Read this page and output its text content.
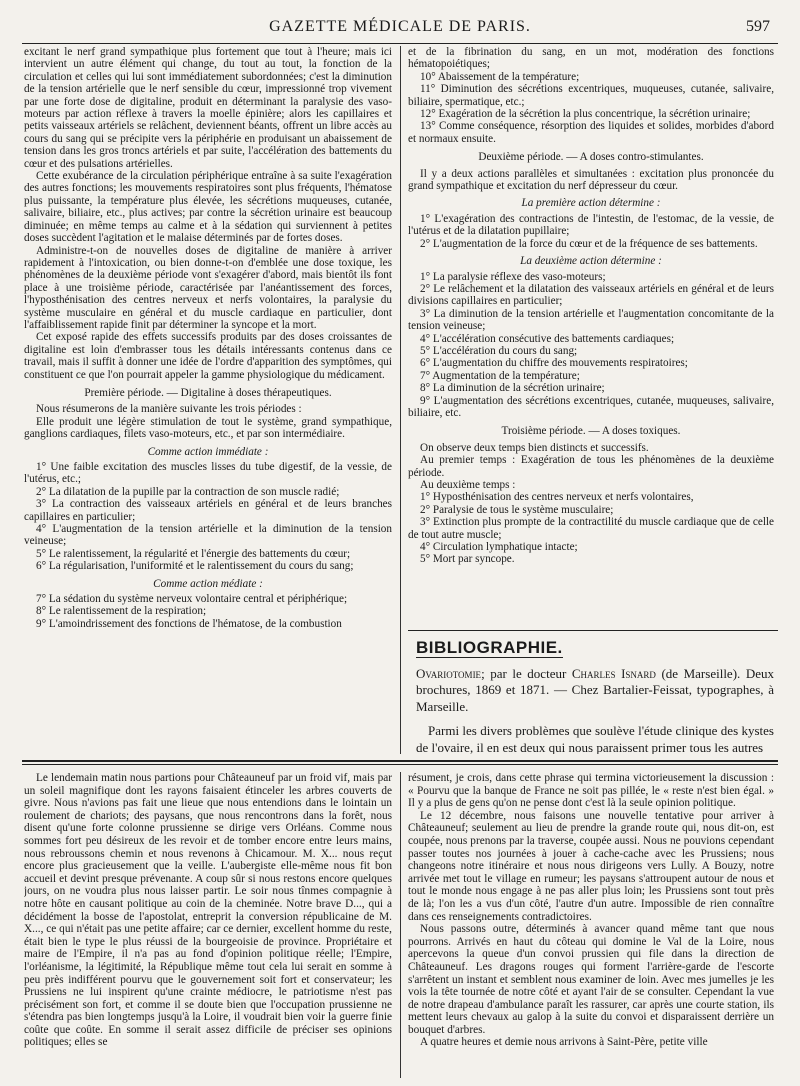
GAZETTE MÉDICALE DE PARIS.	597

excitant le nerf grand sympathique plus fortement que tout à l'heure; mais ici intervient un autre élément qui change, du tout au tout, la fonction de la circulation et celles qui lui sont immédiatement subordonnées; c'est la diminution de la tension artérielle que le nerf sensible du cœur, impressionné trop vivement par une forte dose de digitaline, produit en déterminant la paralysie des vaso-moteurs par action réflexe à travers la moelle épinière; alors les capillaires et petits vaisseaux artériels se relâchent, deviennent béants, offrent un libre accès au cours du sang qui se précipite vers la périphérie en produisant un abaissement de tension dans les gros troncs artériels et par suite, l'accélération des battements du cœur et des pulsations artérielles.

Cette exubérance de la circulation périphérique entraîne à sa suite l'exagération des autres fonctions; les mouvements respiratoires sont plus fréquents, l'hématose plus puissante, la température plus élevée, les sécrétions muqueuses, cutanée, salivaire, biliaire, etc., plus actives; par contre la sécrétion urinaire est beaucoup diminuée; en même temps au calme et à la sédation qui surviennent à petites doses succèdent l'agitation et le malaise déterminés par de fortes doses.

Administre-t-on de nouvelles doses de digitaline de manière à arriver rapidement à l'intoxication, ou bien donne-t-on d'emblée une dose toxique, les phénomènes de la deuxième période vont s'exagérer d'abord, mais bientôt ils font place à une troisième période, caractérisée par l'anéantissement des forces, l'hyposthénisation des centres nerveux et nerfs volontaires, la paralysie du système musculaire en général et du muscle cardiaque en particulier, dont l'affaiblissement rapide finit par déterminer la syncope et la mort.

Cet exposé rapide des effets successifs produits par des doses croissantes de digitaline est loin d'embrasser tous les détails intéressants contenus dans ce travail, mais il suffit à donner une idée de l'ordre d'apparition des symptômes, qui constituent ce que l'on pourrait appeler la gamme physiologique du médicament.

Première période. — Digitaline à doses thérapeutiques.

Nous résumerons de la manière suivante les trois périodes :

Elle produit une légère stimulation de tout le système, grand sympathique, ganglions cardiaques, filets vaso-moteurs, etc., et par son intermédiaire.

Comme action immédiate :

1° Une faible excitation des muscles lisses du tube digestif, de la vessie, de l'utérus, etc.;

2° La dilatation de la pupille par la contraction de son muscle radié;

3° La contraction des vaisseaux artériels en général et de leurs branches capillaires en particulier;

4° L'augmentation de la tension artérielle et la diminution de la tension veineuse;

5° Le ralentissement, la régularité et l'énergie des battements du cœur;

6° La régularisation, l'uniformité et le ralentissement du cours du sang;

Comme action médiate :

7° La sédation du système nerveux volontaire central et périphérique;

8° Le ralentissement de la respiration;

9° L'amoindrissement des fonctions de l'hématose, de la combustion

et de la fibrination du sang, en un mot, modération des fonctions hématopoiétiques;

10° Abaissement de la température;

11° Diminution des sécrétions excentriques, muqueuses, cutanée, salivaire, biliaire, spermatique, etc.;

12° Exagération de la sécrétion la plus concentrique, la sécrétion urinaire;

13° Comme conséquence, résorption des liquides et solides, morbides d'abord et normaux ensuite.

Deuxième période. — A doses contro-stimulantes.

Il y a deux actions parallèles et simultanées : excitation plus prononcée du grand sympathique et excitation du nerf dépresseur du cœur.

La première action détermine :

1° L'exagération des contractions de l'intestin, de l'estomac, de la vessie, de l'utérus et de la dilatation pupillaire;

2° L'augmentation de la force du cœur et de la fréquence de ses battements.

La deuxième action détermine :

1° La paralysie réflexe des vaso-moteurs;

2° Le relâchement et la dilatation des vaisseaux artériels en général et de leurs divisions capillaires en particulier;

3° La diminution de la tension artérielle et l'augmentation concomitante de la tension veineuse;

4° L'accélération consécutive des battements cardiaques;

5° L'accélération du cours du sang;

6° L'augmentation du chiffre des mouvements respiratoires;

7° Augmentation de la température;

8° La diminution de la sécrétion urinaire;

9° L'augmentation des sécrétions excentriques, cutanée, muqueuses, salivaire, biliaire, etc.

Troisième période. — A doses toxiques.

On observe deux temps bien distincts et successifs.

Au premier temps : Exagération de tous les phénomènes de la deuxième période.

Au deuxième temps :

1° Hyposthénisation des centres nerveux et nerfs volontaires,

2° Paralysie de tous le système musculaire;

3° Extinction plus prompte de la contractilité du muscle cardiaque que de celle de tout autre muscle;

4° Circulation lymphatique intacte;

5° Mort par syncope.

BIBLIOGRAPHIE.

Ovariotomie; par le docteur Charles Isnard (de Marseille). Deux brochures, 1869 et 1871. — Chez Bartalier-Feissat, typographes, à Marseille.

Parmi les divers problèmes que soulève l'étude clinique des kystes de l'ovaire, il en est deux qui nous paraissent primer tous les autres

Le lendemain matin nous partions pour Châteauneuf par un froid vif, mais par un soleil magnifique dont les rayons faisaient étinceler les arbres couverts de givre. Nous n'avions pas fait une lieue que nous entendions dans le lointain un roulement de chariots; des paysans, que nous rencontrons dans la forêt, nous disent qu'une forte colonne prussienne se dirige vers Orléans. Comme nous sommes fort peu désireux de les revoir et de tomber encore entre leurs mains, nous rebroussons chemin et nous revenons à Chicamour. M. X... nous reçut encore plus gracieusement que la veille. L'aubergiste elle-même nous fit bon accueil et devint presque prévenante. A coup sûr si nous restons encore quelques jours, on ne voudra plus nous laisser partir. Le soir nous tînmes compagnie à notre hôte en causant politique au coin de la cheminée. Notre brave D..., qui a décidément la bosse de l'apostolat, entreprit la conversion républicaine de M. X..., ce qui n'était pas une petite affaire; car ce dernier, excellent homme du reste, était bien le type le plus réussi de la bourgeoisie de province. Propriétaire et maire de l'Empire, il n'a pas au fond d'opinion politique réelle; l'Empire, l'orléanisme, la légitimité, la République même tout cela lui serait en somme à peu près indifférent pourvu que le gouvernement soit fort et conservateur; les Prussiens ne lui inspirent qu'une crainte médiocre, le patriotisme n'est pas précisément son fort, et comme il se doute bien que l'occupation prussienne ne s'étendra pas bien longtemps jusqu'à la Loire, il voudrait bien voir la guerre finie coûte que coûte. En somme il serait assez difficile de préciser ses opinions politiques; elles se

résument, je crois, dans cette phrase qui termina victorieusement la discussion : « Pourvu que la banque de France ne soit pas pillée, le « reste n'est bien égal. » Il y a plus de gens qu'on ne pense dont c'est là la seule opinion politique.

Le 12 décembre, nous faisons une nouvelle tentative pour arriver à Châteauneuf; seulement au lieu de prendre la grande route qui, nous dit-on, est coupée, nous prenons par la traverse, coupée aussi. Nous ne pouvions cependant passer toutes nos journées à jouer à cache-cache avec les Prussiens; nous changeons notre itinéraire et nous nous dirigeons vers Lully. A Bouzy, notre arrivée met tout le village en rumeur; les paysans s'attroupent autour de nous et tout le monde nous engage à ne pas aller plus loin; les Prussiens sont tout près de là; l'on les a vus d'un côté, l'autre d'un autre. Impossible de rien connaître dans ces renseignements contradictoires.

Nous passons outre, déterminés à avancer quand même tant que nous pourrons. Arrivés en haut du côteau qui domine le Val de la Loire, nous apercevons la queue d'un convoi prussien qui file dans la direction de Châteauneuf. Les dragons rouges qui forment l'arrière-garde de l'escorte s'arrêtent un instant et semblent nous examiner de loin. Avec mes jumelles je les vois la tête tournée de notre côté et ayant l'air de se consulter. Cependant la vue de notre drapeau d'ambulance paraît les rassurer, car après une courte station, ils mettent leurs chevaux au galop à la suite du convoi et disparaissent derrière un bouquet d'arbres.

A quatre heures et demie nous arrivons à Saint-Père, petite ville
